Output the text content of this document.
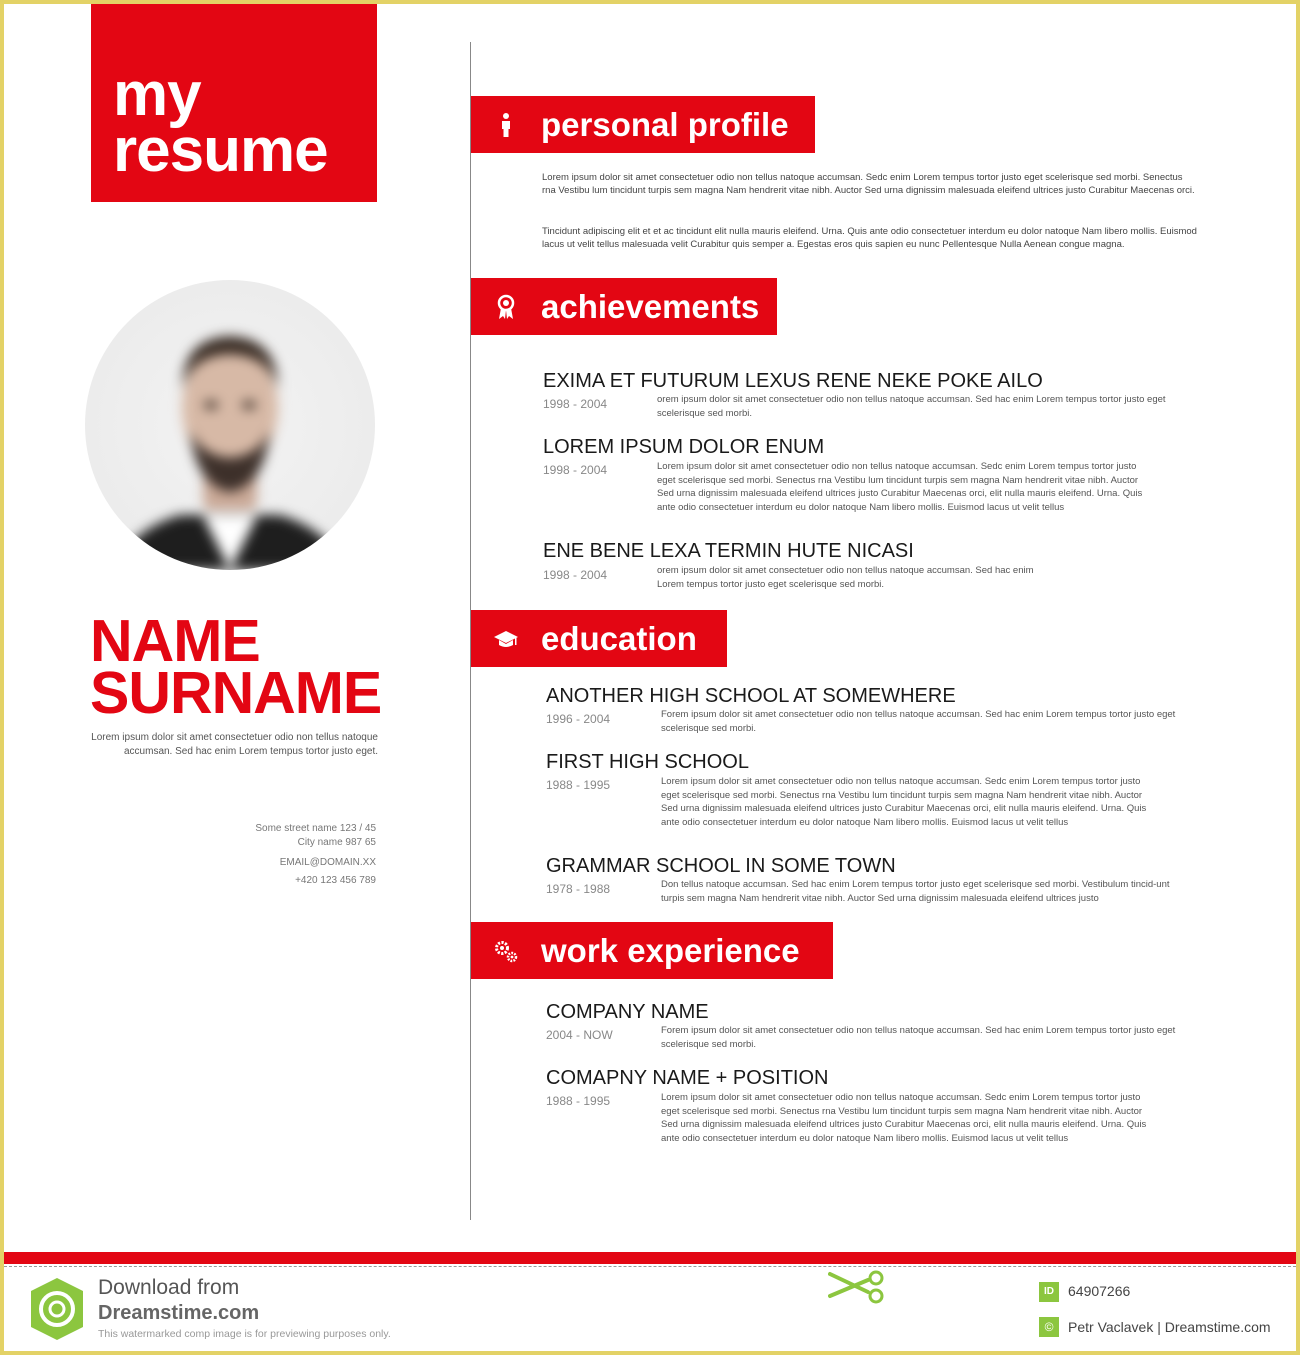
my
resume
NAME
SURNAME
Lorem ipsum dolor sit amet consectetuer odio non tellus natoque
accumsan. Sed hac enim Lorem tempus tortor justo eget.
Some street name 123 / 45
City name 987 65
EMAIL@DOMAIN.XX
+420 123 456 789
personal profile
Lorem ipsum dolor sit amet consectetuer odio non tellus natoque accumsan. Sedc enim Lorem tempus tortor justo eget scelerisque sed morbi. Senectus rna Vestibu lum tincidunt turpis sem magna Nam hendrerit vitae nibh. Auctor Sed urna dignissim malesuada eleifend ultrices justo Curabitur Maecenas orci.
Tincidunt adipiscing elit et et ac tincidunt elit nulla mauris eleifend. Urna. Quis ante odio consectetuer interdum eu dolor natoque Nam libero mollis. Euismod lacus ut velit tellus malesuada velit Curabitur quis semper a. Egestas eros quis sapien eu nunc Pellentesque Nulla Aenean congue magna.
achievements
EXIMA ET FUTURUM LEXUS RENE NEKE POKE AILO
1998 - 2004	orem ipsum dolor sit amet consectetuer odio non tellus natoque accumsan. Sed hac enim Lorem tempus tortor justo eget scelerisque sed morbi.
LOREM IPSUM DOLOR ENUM
1998 - 2004	Lorem ipsum dolor sit amet consectetuer odio non tellus natoque accumsan. Sedc enim Lorem tempus tortor justo eget scelerisque sed morbi. Senectus rna Vestibu lum tincidunt turpis sem magna Nam hendrerit vitae nibh. Auctor Sed urna dignissim malesuada eleifend ultrices justo Curabitur Maecenas orci, elit nulla mauris eleifend. Urna. Quis ante odio consectetuer interdum eu dolor natoque Nam libero mollis. Euismod lacus ut velit tellus
ENE BENE LEXA TERMIN HUTE NICASI
1998 - 2004	orem ipsum dolor sit amet consectetuer odio non tellus natoque accumsan. Sed hac enim Lorem tempus tortor justo eget scelerisque sed morbi.
education
ANOTHER HIGH SCHOOL AT SOMEWHERE
1996 - 2004	Forem ipsum dolor sit amet consectetuer odio non tellus natoque accumsan. Sed hac enim Lorem tempus tortor justo eget scelerisque sed morbi.
FIRST HIGH SCHOOL
1988 - 1995	Lorem ipsum dolor sit amet consectetuer odio non tellus natoque accumsan. Sedc enim Lorem tempus tortor justo eget scelerisque sed morbi. Senectus rna Vestibu lum tincidunt turpis sem magna Nam hendrerit vitae nibh. Auctor Sed urna dignissim malesuada eleifend ultrices justo Curabitur Maecenas orci, elit nulla mauris eleifend. Urna. Quis ante odio consectetuer interdum eu dolor natoque Nam libero mollis. Euismod lacus ut velit tellus
GRAMMAR SCHOOL IN SOME TOWN
1978 - 1988	Don tellus natoque accumsan. Sed hac enim Lorem tempus tortor justo eget scelerisque sed morbi. Vestibulum tincid-unt turpis sem magna Nam hendrerit vitae nibh. Auctor Sed urna dignissim malesuada eleifend ultrices justo
work experience
COMPANY NAME
2004 - NOW	Forem ipsum dolor sit amet consectetuer odio non tellus natoque accumsan. Sed hac enim Lorem tempus tortor justo eget scelerisque sed morbi.
COMAPNY NAME + POSITION
1988 - 1995	Lorem ipsum dolor sit amet consectetuer odio non tellus natoque accumsan. Sedc enim Lorem tempus tortor justo eget scelerisque sed morbi. Senectus rna Vestibu lum tincidunt turpis sem magna Nam hendrerit vitae nibh. Auctor Sed urna dignissim malesuada eleifend ultrices justo Curabitur Maecenas orci, elit nulla mauris eleifend. Urna. Quis ante odio consectetuer interdum eu dolor natoque Nam libero mollis. Euismod lacus ut velit tellus
Download from
Dreamstime.com
This watermarked comp image is for previewing purposes only.
ID	64907266
©	Petr Vaclavek | Dreamstime.com
